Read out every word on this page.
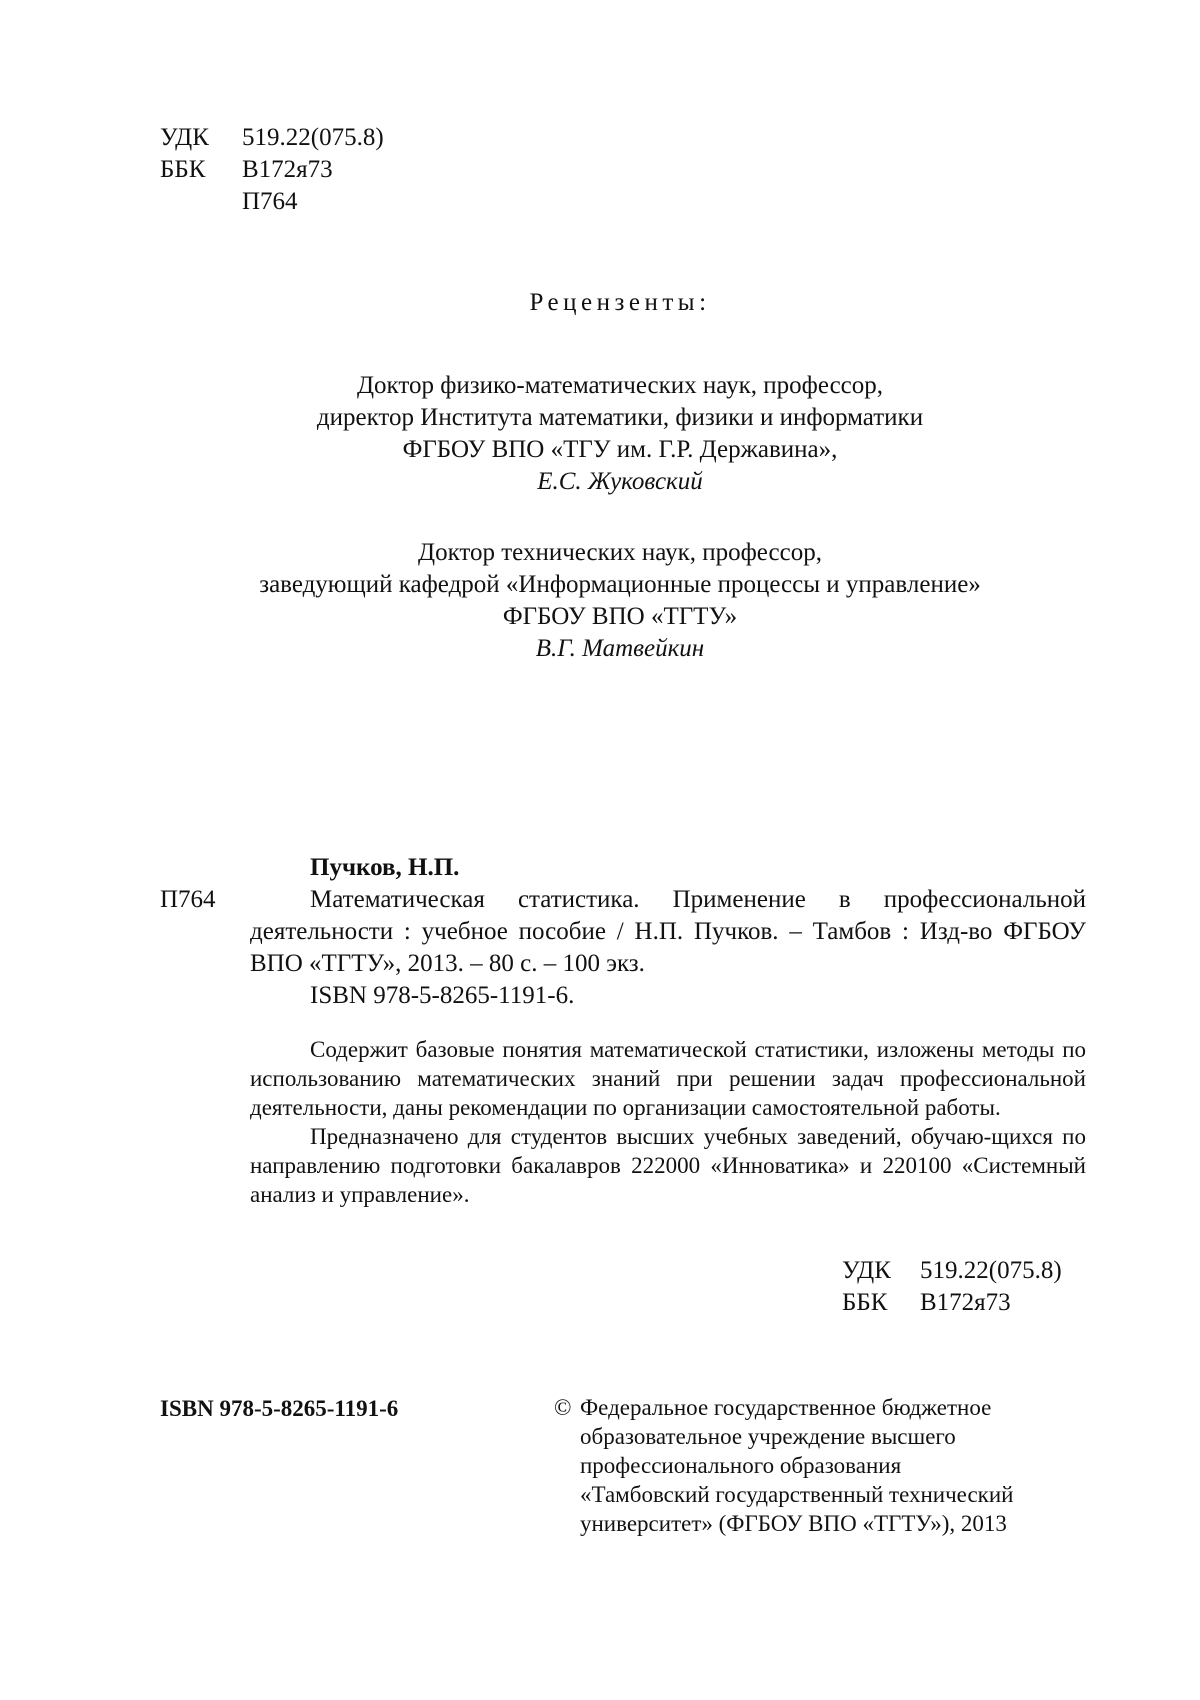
УДК	519.22(075.8)
ББК	В172я73
П764
Рецензенты:
Доктор физико-математических наук, профессор,
директор Института математики, физики и информатики
ФГБОУ ВПО «ТГУ им. Г.Р. Державина»,
Е.С. Жуковский
Доктор технических наук, профессор,
заведующий кафедрой «Информационные процессы и управление»
ФГБОУ ВПО «ТГТУ»
В.Г. Матвейкин
Пучков, Н.П.
П764	Математическая статистика. Применение в профессиональной деятельности : учебное пособие / Н.П. Пучков. – Тамбов : Изд-во ФГБОУ ВПО «ТГТУ», 2013. – 80 с. – 100 экз.
ISBN 978-5-8265-1191-6.

Содержит базовые понятия математической статистики, изложены методы по использованию математических знаний при решении задач профессиональной деятельности, даны рекомендации по организации самостоятельной работы.

Предназначено для студентов высших учебных заведений, обучаю-щихся по направлению подготовки бакалавров 222000 «Инноватика» и 220100 «Системный анализ и управление».

УДК	519.22(075.8)
ББК	В172я73
ISBN 978-5-8265-1191-6	© Федеральное государственное бюджетное
образовательное учреждение высшего
профессионального образования
«Тамбовский государственный технический
университет» (ФГБОУ ВПО «ТГТУ»), 2013
